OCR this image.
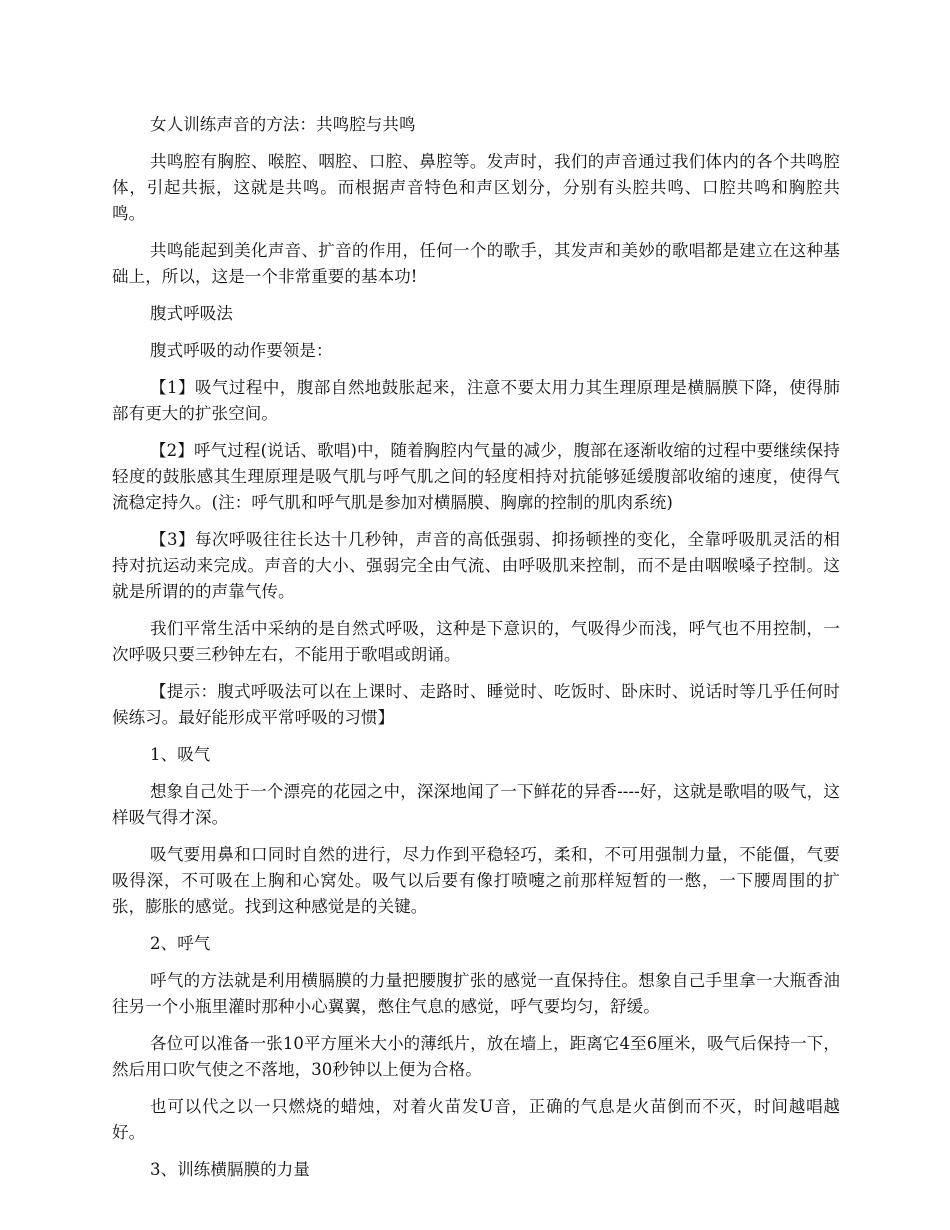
女人训练声音的方法：共鸣腔与共鸣

共鸣腔有胸腔、喉腔、咽腔、口腔、鼻腔等。发声时，我们的声音通过我们体内的各个共鸣腔体，引起共振，这就是共鸣。而根据声音特色和声区划分，分别有头腔共鸣、口腔共鸣和胸腔共鸣。

共鸣能起到美化声音、扩音的作用，任何一个的歌手，其发声和美妙的歌唱都是建立在这种基础上，所以，这是一个非常重要的基本功!

腹式呼吸法

腹式呼吸的动作要领是：

【1】吸气过程中，腹部自然地鼓胀起来，注意不要太用力其生理原理是横膈膜下降，使得肺部有更大的扩张空间。

【2】呼气过程(说话、歌唱)中，随着胸腔内气量的减少，腹部在逐渐收缩的过程中要继续保持轻度的鼓胀感其生理原理是吸气肌与呼气肌之间的轻度相持对抗能够延缓腹部收缩的速度，使得气流稳定持久。(注：呼气肌和呼气肌是参加对横膈膜、胸廓的控制的肌肉系统)

【3】每次呼吸往往长达十几秒钟，声音的高低强弱、抑扬顿挫的变化，全靠呼吸肌灵活的相持对抗运动来完成。声音的大小、强弱完全由气流、由呼吸肌来控制，而不是由咽喉嗓子控制。这就是所谓的的声靠气传。

我们平常生活中采纳的是自然式呼吸，这种是下意识的，气吸得少而浅，呼气也不用控制，一次呼吸只要三秒钟左右，不能用于歌唱或朗诵。

【提示：腹式呼吸法可以在上课时、走路时、睡觉时、吃饭时、卧床时、说话时等几乎任何时候练习。最好能形成平常呼吸的习惯】

1、吸气

想象自己处于一个漂亮的花园之中，深深地闻了一下鲜花的异香----好，这就是歌唱的吸气，这样吸气得才深。

吸气要用鼻和口同时自然的进行，尽力作到平稳轻巧，柔和，不可用强制力量，不能僵，气要吸得深，不可吸在上胸和心窝处。吸气以后要有像打喷嚏之前那样短暂的一憋，一下腰周围的扩张，膨胀的感觉。找到这种感觉是的关键。

2、呼气

呼气的方法就是利用横膈膜的力量把腰腹扩张的感觉一直保持住。想象自己手里拿一大瓶香油往另一个小瓶里灌时那种小心翼翼，憋住气息的感觉，呼气要均匀，舒缓。

各位可以准备一张10平方厘米大小的薄纸片，放在墙上，距离它4至6厘米，吸气后保持一下，然后用口吹气使之不落地，30秒钟以上便为合格。

也可以代之以一只燃烧的蜡烛，对着火苗发U音，正确的气息是火苗倒而不灭，时间越唱越好。

3、训练横膈膜的力量
